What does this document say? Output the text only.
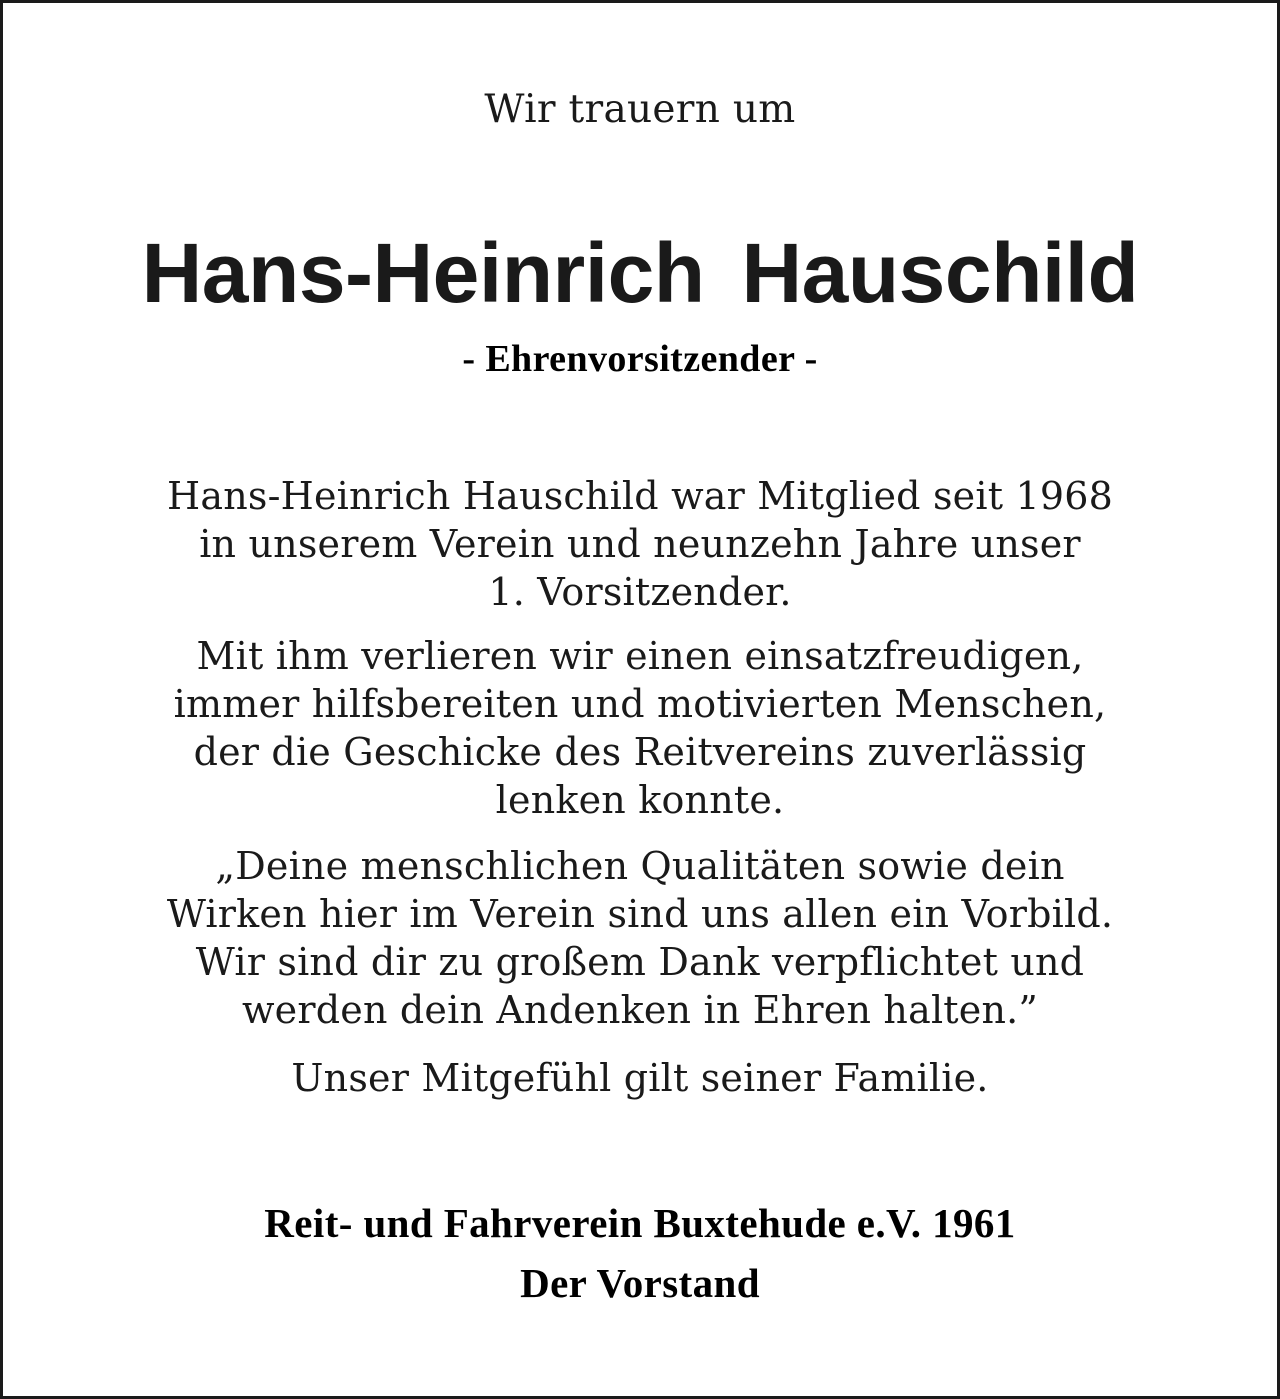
Wir trauern um
Hans-Heinrich Hauschild
- Ehrenvorsitzender -
Hans-Heinrich Hauschild war Mitglied seit 1968
in unserem Verein und neunzehn Jahre unser
1. Vorsitzender.
Mit ihm verlieren wir einen einsatzfreudigen,
immer hilfsbereiten und motivierten Menschen,
der die Geschicke des Reitvereins zuverlässig
lenken konnte.
„Deine menschlichen Qualitäten sowie dein
Wirken hier im Verein sind uns allen ein Vorbild.
Wir sind dir zu großem Dank verpflichtet und
werden dein Andenken in Ehren halten.”
Unser Mitgefühl gilt seiner Familie.
Reit- und Fahrverein Buxtehude e.V. 1961
Der Vorstand
